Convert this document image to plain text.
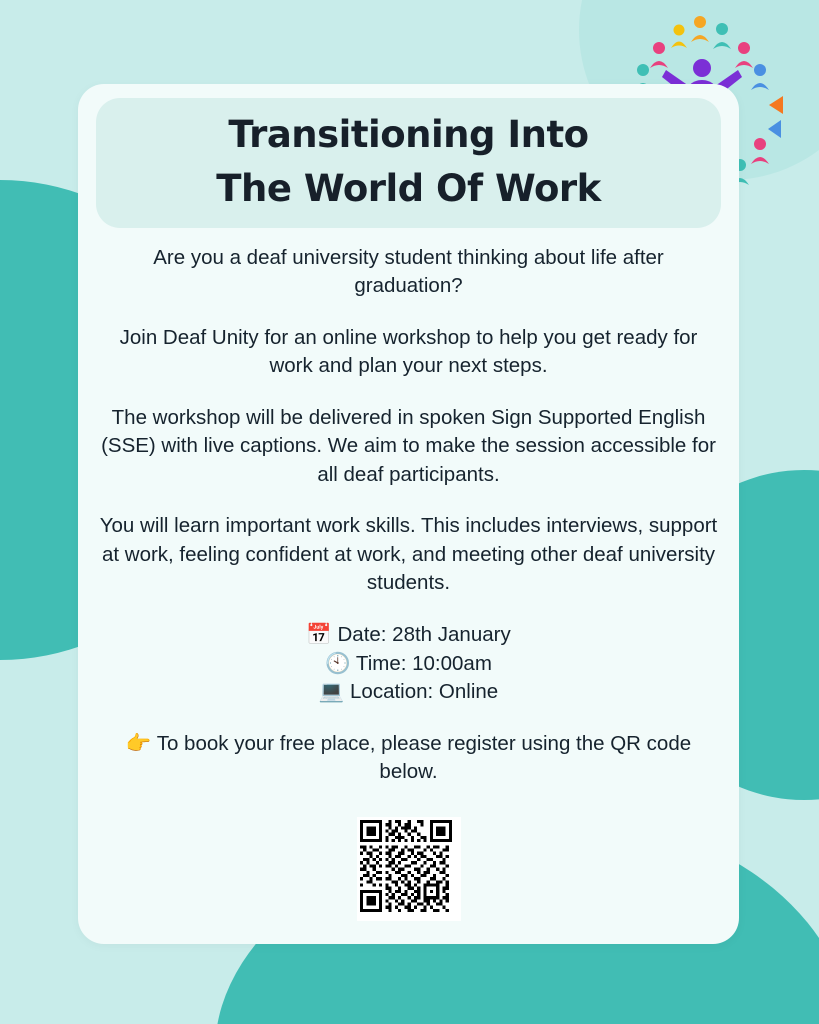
Transitioning Into
The World Of Work

Are you a deaf university student thinking about life after graduation?

Join Deaf Unity for an online workshop to help you get ready for work and plan your next steps.

The workshop will be delivered in spoken Sign Supported English (SSE) with live captions. We aim to make the session accessible for all deaf participants.

You will learn important work skills. This includes interviews, support at work, feeling confident at work, and meeting other deaf university students.

📅 Date: 28th January
🕙 Time: 10:00am
💻 Location: Online

👉 To book your free place, please register using the QR code below.
